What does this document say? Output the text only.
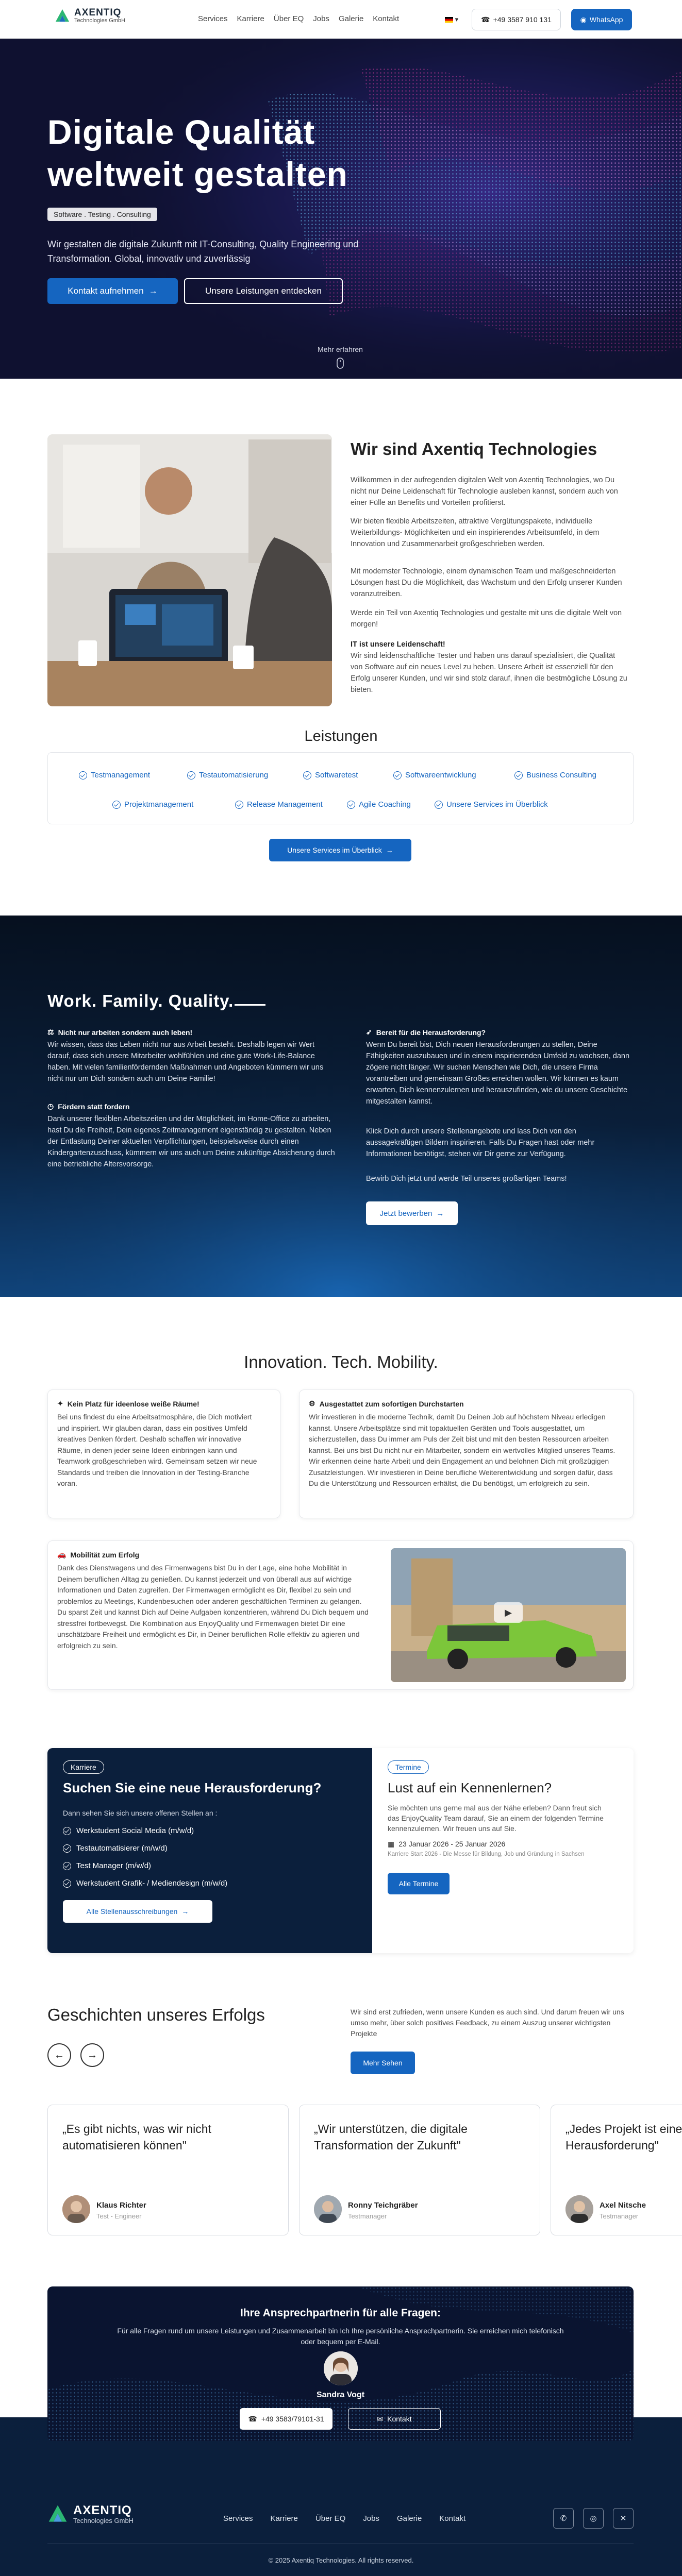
AXENTIQ
Technologies GmbH	Services Karriere Über EQ Jobs Galerie Kontakt	▾	☎ +49 3587 910 131	◉ WhatsApp
Digitale Qualität weltweit gestalten
Software . Testing . Consulting
Wir gestalten die digitale Zukunft mit IT-Consulting, Quality Engineering und Transformation. Global, innovativ und zuverlässig
Kontakt aufnehmen →	Unsere Leistungen entdecken
Mehr erfahren
Wir sind Axentiq Technologies
Willkommen in der aufregenden digitalen Welt von Axentiq Technologies, wo Du nicht nur Deine Leidenschaft für Technologie ausleben kannst, sondern auch von einer Fülle an Benefits und Vorteilen profitierst.
Wir bieten flexible Arbeitszeiten, attraktive Vergütungspakete, individuelle Weiterbildungs- Möglichkeiten und ein inspirierendes Arbeitsumfeld, in dem Innovation und Zusammenarbeit großgeschrieben werden.
Mit modernster Technologie, einem dynamischen Team und maßgeschneiderten Lösungen hast Du die Möglichkeit, das Wachstum und den Erfolg unserer Kunden voranzutreiben.
Werde ein Teil von Axentiq Technologies und gestalte mit uns die digitale Welt von morgen!
IT ist unsere Leidenschaft!
Wir sind leidenschaftliche Tester und haben uns darauf spezialisiert, die Qualität von Software auf ein neues Level zu heben. Unsere Arbeit ist essenziell für den Erfolg unserer Kunden, und wir sind stolz darauf, ihnen die bestmögliche Lösung zu bieten.
Leistungen
Testmanagement	Testautomatisierung	Softwaretest	Softwareentwicklung	Business Consulting
Projektmanagement	Release Management	Agile Coaching	Unsere Services im Überblick
Unsere Services im Überblick →
Work. Family. Quality.
⚖ Nicht nur arbeiten sondern auch leben!
Wir wissen, dass das Leben nicht nur aus Arbeit besteht. Deshalb legen wir Wert darauf, dass sich unsere Mitarbeiter wohlfühlen und eine gute Work-Life-Balance haben. Mit vielen familienfördernden Maßnahmen und Angeboten kümmern wir uns nicht nur um Dich sondern auch um Deine Familie!
◷ Fördern statt fordern
Dank unserer flexiblen Arbeitszeiten und der Möglichkeit, im Home-Office zu arbeiten, hast Du die Freiheit, Dein eigenes Zeitmanagement eigenständig zu gestalten. Neben der Entlastung Deiner aktuellen Verpflichtungen, beispielsweise durch einen Kindergartenzuschuss, kümmern wir uns auch um Deine zukünftige Absicherung durch eine betriebliche Altersvorsorge.
➶ Bereit für die Herausforderung?
Wenn Du bereit bist, Dich neuen Herausforderungen zu stellen, Deine Fähigkeiten auszubauen und in einem inspirierenden Umfeld zu wachsen, dann zögere nicht länger. Wir suchen Menschen wie Dich, die unsere Firma vorantreiben und gemeinsam Großes erreichen wollen. Wir können es kaum erwarten, Dich kennenzulernen und herauszufinden, wie du unsere Geschichte mitgestalten kannst.
Klick Dich durch unsere Stellenangebote und lass Dich von den aussagekräftigen Bildern inspirieren. Falls Du Fragen hast oder mehr Informationen benötigst, stehen wir Dir gerne zur Verfügung.
Bewirb Dich jetzt und werde Teil unseres großartigen Teams!
Jetzt bewerben →
Innovation. Tech. Mobility.
✦ Kein Platz für ideenlose weiße Räume!
Bei uns findest du eine Arbeitsatmosphäre, die Dich motiviert und inspiriert. Wir glauben daran, dass ein positives Umfeld kreatives Denken fördert. Deshalb schaffen wir innovative Räume, in denen jeder seine Ideen einbringen kann und Teamwork großgeschrieben wird. Gemeinsam setzen wir neue Standards und treiben die Innovation in der Testing-Branche voran.
⚙ Ausgestattet zum sofortigen Durchstarten
Wir investieren in die moderne Technik, damit Du Deinen Job auf höchstem Niveau erledigen kannst. Unsere Arbeitsplätze sind mit topaktuellen Geräten und Tools ausgestattet, um sicherzustellen, dass Du immer am Puls der Zeit bist und mit den besten Ressourcen arbeiten kannst. Bei uns bist Du nicht nur ein Mitarbeiter, sondern ein wertvolles Mitglied unseres Teams. Wir erkennen deine harte Arbeit und dein Engagement an und belohnen Dich mit großzügigen Zusatzleistungen. Wir investieren in Deine berufliche Weiterentwicklung und sorgen dafür, dass Du die Unterstützung und Ressourcen erhältst, die Du benötigst, um erfolgreich zu sein.
🚗 Mobilität zum Erfolg
Dank des Dienstwagens und des Firmenwagens bist Du in der Lage, eine hohe Mobilität in Deinem beruflichen Alltag zu genießen. Du kannst jederzeit und von überall aus auf wichtige Informationen und Daten zugreifen. Der Firmenwagen ermöglicht es Dir, flexibel zu sein und problemlos zu Meetings, Kundenbesuchen oder anderen geschäftlichen Terminen zu gelangen. Du sparst Zeit und kannst Dich auf Deine Aufgaben konzentrieren, während Du Dich bequem und stressfrei fortbewegst. Die Kombination aus EnjoyQuality und Firmenwagen bietet Dir eine unschätzbare Freiheit und ermöglicht es Dir, in Deiner beruflichen Rolle effektiv zu agieren und erfolgreich zu sein.
▶
Karriere
Suchen Sie eine neue Herausforderung?
Dann sehen Sie sich unsere offenen Stellen an :
Werkstudent Social Media (m/w/d)
Testautomatisierer (m/w/d)
Test Manager (m/w/d)
Werkstudent Grafik- / Mediendesign (m/w/d)
Alle Stellenausschreibungen →
Termine
Lust auf ein Kennenlernen?
Sie möchten uns gerne mal aus der Nähe erleben? Dann freut sich das EnjoyQuality Team darauf, Sie an einem der folgenden Termine kennenzulernen. Wir freuen uns auf Sie.
▦ 23 Januar 2026 - 25 Januar 2026
Karriere Start 2026 - Die Messe für Bildung, Job und Gründung in Sachsen
Alle Termine
Geschichten unseres Erfolgs	Wir sind erst zufrieden, wenn unsere Kunden es auch sind. Und darum freuen wir uns umso mehr, über solch positives Feedback, zu einem Auszug unserer wichtigsten Projekte
←	→
Mehr Sehen
„Es gibt nichts, was wir nicht automatisieren können"
Klaus Richter
Test - Engineer
„Wir unterstützen, die digitale Transformation der Zukunft"
Ronny Teichgräber
Testmanager
„Jedes Projekt ist eine Herausforderung"
Axel Nitsche
Testmanager
AXENTIQ
Technologies GmbH	Services Karriere Über EQ Jobs Galerie Kontakt	✆	◎	✕
© 2025 Axentiq Technologies. All rights reserved.
Ihre Ansprechpartnerin für alle Fragen:
Für alle Fragen rund um unsere Leistungen und Zusammenarbeit bin Ich Ihre persönliche Ansprechpartnerin. Sie erreichen mich telefonisch oder bequem per E-Mail.
Sandra Vogt
☎ +49 3583/79101-31	✉ Kontakt
